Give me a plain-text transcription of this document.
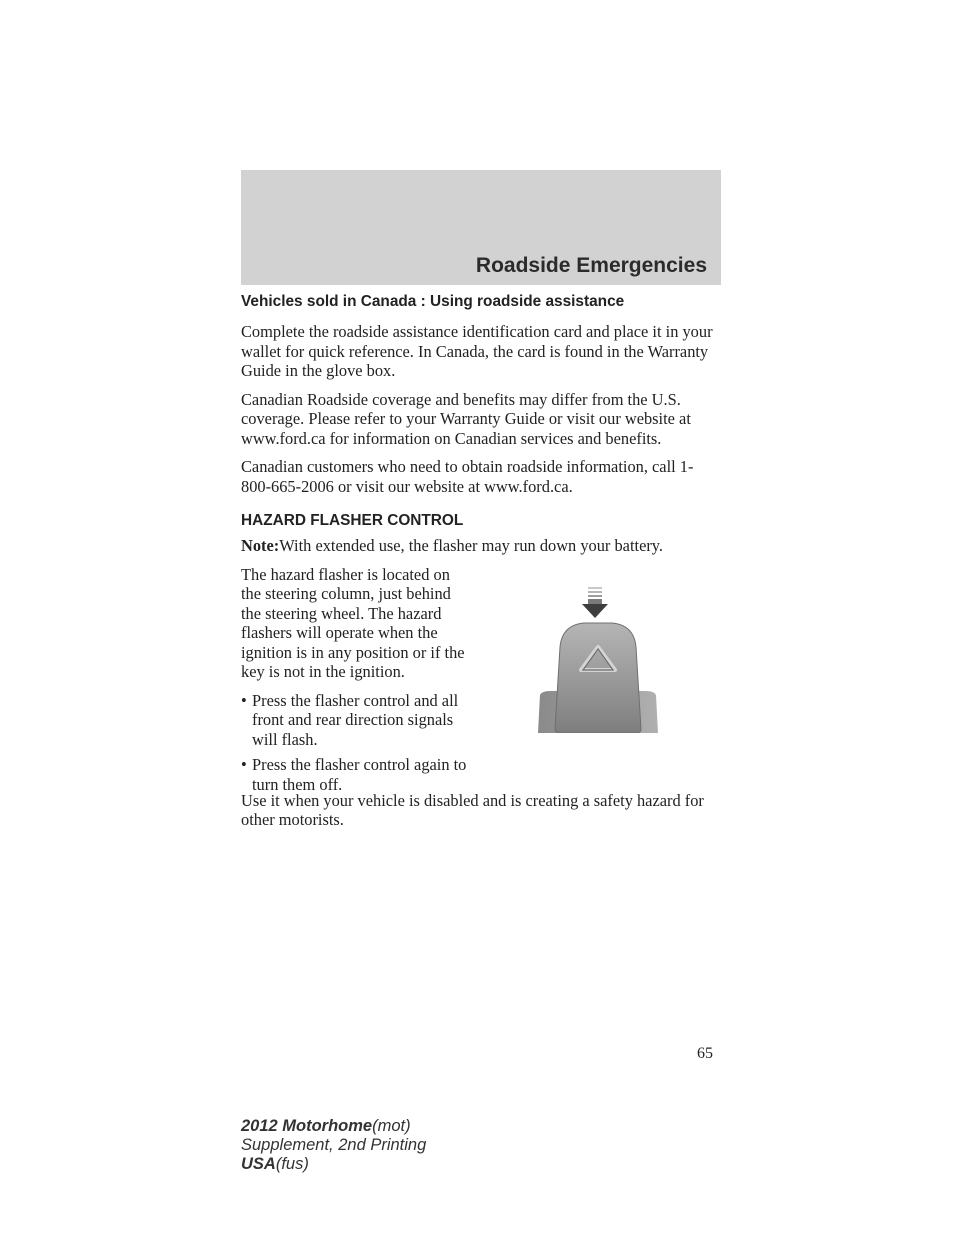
Roadside Emergencies
Vehicles sold in Canada : Using roadside assistance

Complete the roadside assistance identification card and place it in your wallet for quick reference. In Canada, the card is found in the Warranty Guide in the glove box.

Canadian Roadside coverage and benefits may differ from the U.S. coverage. Please refer to your Warranty Guide or visit our website at www.ford.ca for information on Canadian services and benefits.

Canadian customers who need to obtain roadside information, call 1-800-665-2006 or visit our website at www.ford.ca.

HAZARD FLASHER CONTROL

Note:With extended use, the flasher may run down your battery.

The hazard flasher is located on the steering column, just behind the steering wheel. The hazard flashers will operate when the ignition is in any position or if the key is not in the ignition.

• Press the flasher control and all front and rear direction signals will flash.
• Press the flasher control again to turn them off.

Use it when your vehicle is disabled and is creating a safety hazard for other motorists.

65
2012 Motorhome(mot)
Supplement, 2nd Printing
USA(fus)
